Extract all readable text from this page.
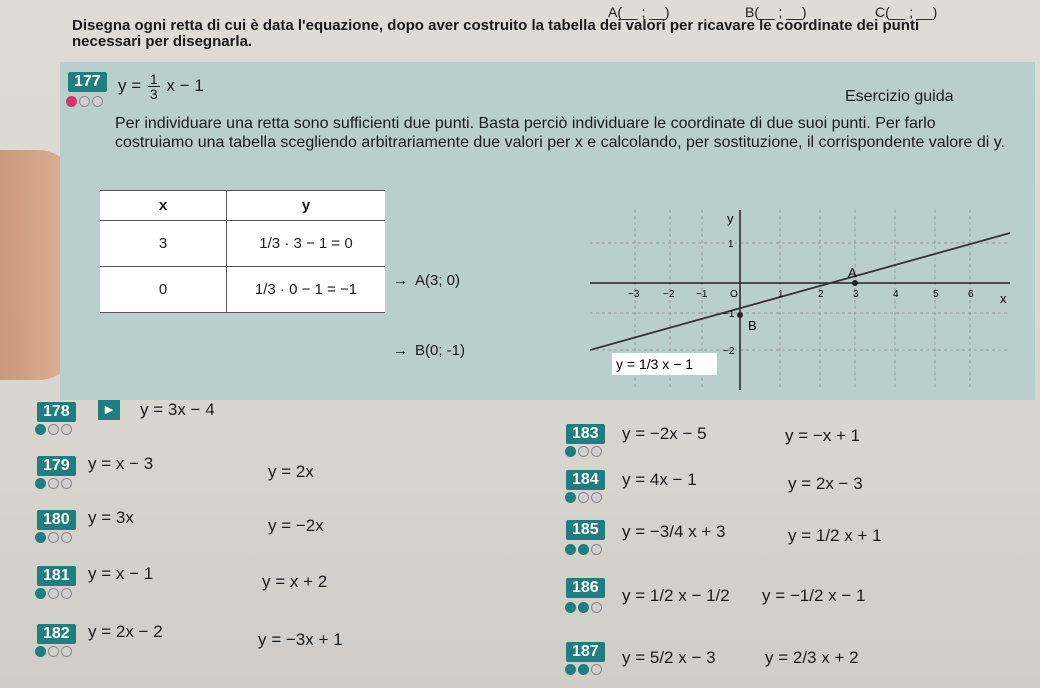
A(__ ; __)	B(__ ; __)	C(__ ; __)
Disegna ogni retta di cui è data l'equazione, dopo aver costruito la tabella dei valori per ricavare le coordinate dei punti necessari per disegnarla.
177	$y = \frac{1}{3}$ x − 1
Esercizio guida
Per individuare una retta sono sufficienti due punti. Basta perciò individuare le coordinate di due suoi punti. Per farlo costruiamo una tabella scegliendo arbitrariamente due valori per x e calcolando, per sostituzione, il corrispondente valore di y.
x	y
3	1/3 · 3 − 1 = 0
0	1/3 · 0 − 1 = −1
→ A(3; 0)
→ B(0; -1)
x
y
A
B
−3 −2 −1 O	1	2	3	4	5	6
1
−1
−2
y = 1/3 x − 1
178	▶	y = 3x − 4
179	y = x − 3	y = 2x
180	y = 3x	y = −2x
181	y = x − 1	y = x + 2
182	y = 2x − 2	y = −3x + 1
183	y = −2x − 5	y = −x + 1
184	y = 4x − 1	y = 2x − 3
185	y = −3/4 x + 3	y = 1/2 x + 1
186	y = 1/2 x − 1/2 y = −1/2 x − 1
187	y = 5/2 x − 3	y = 2/3 x + 2
